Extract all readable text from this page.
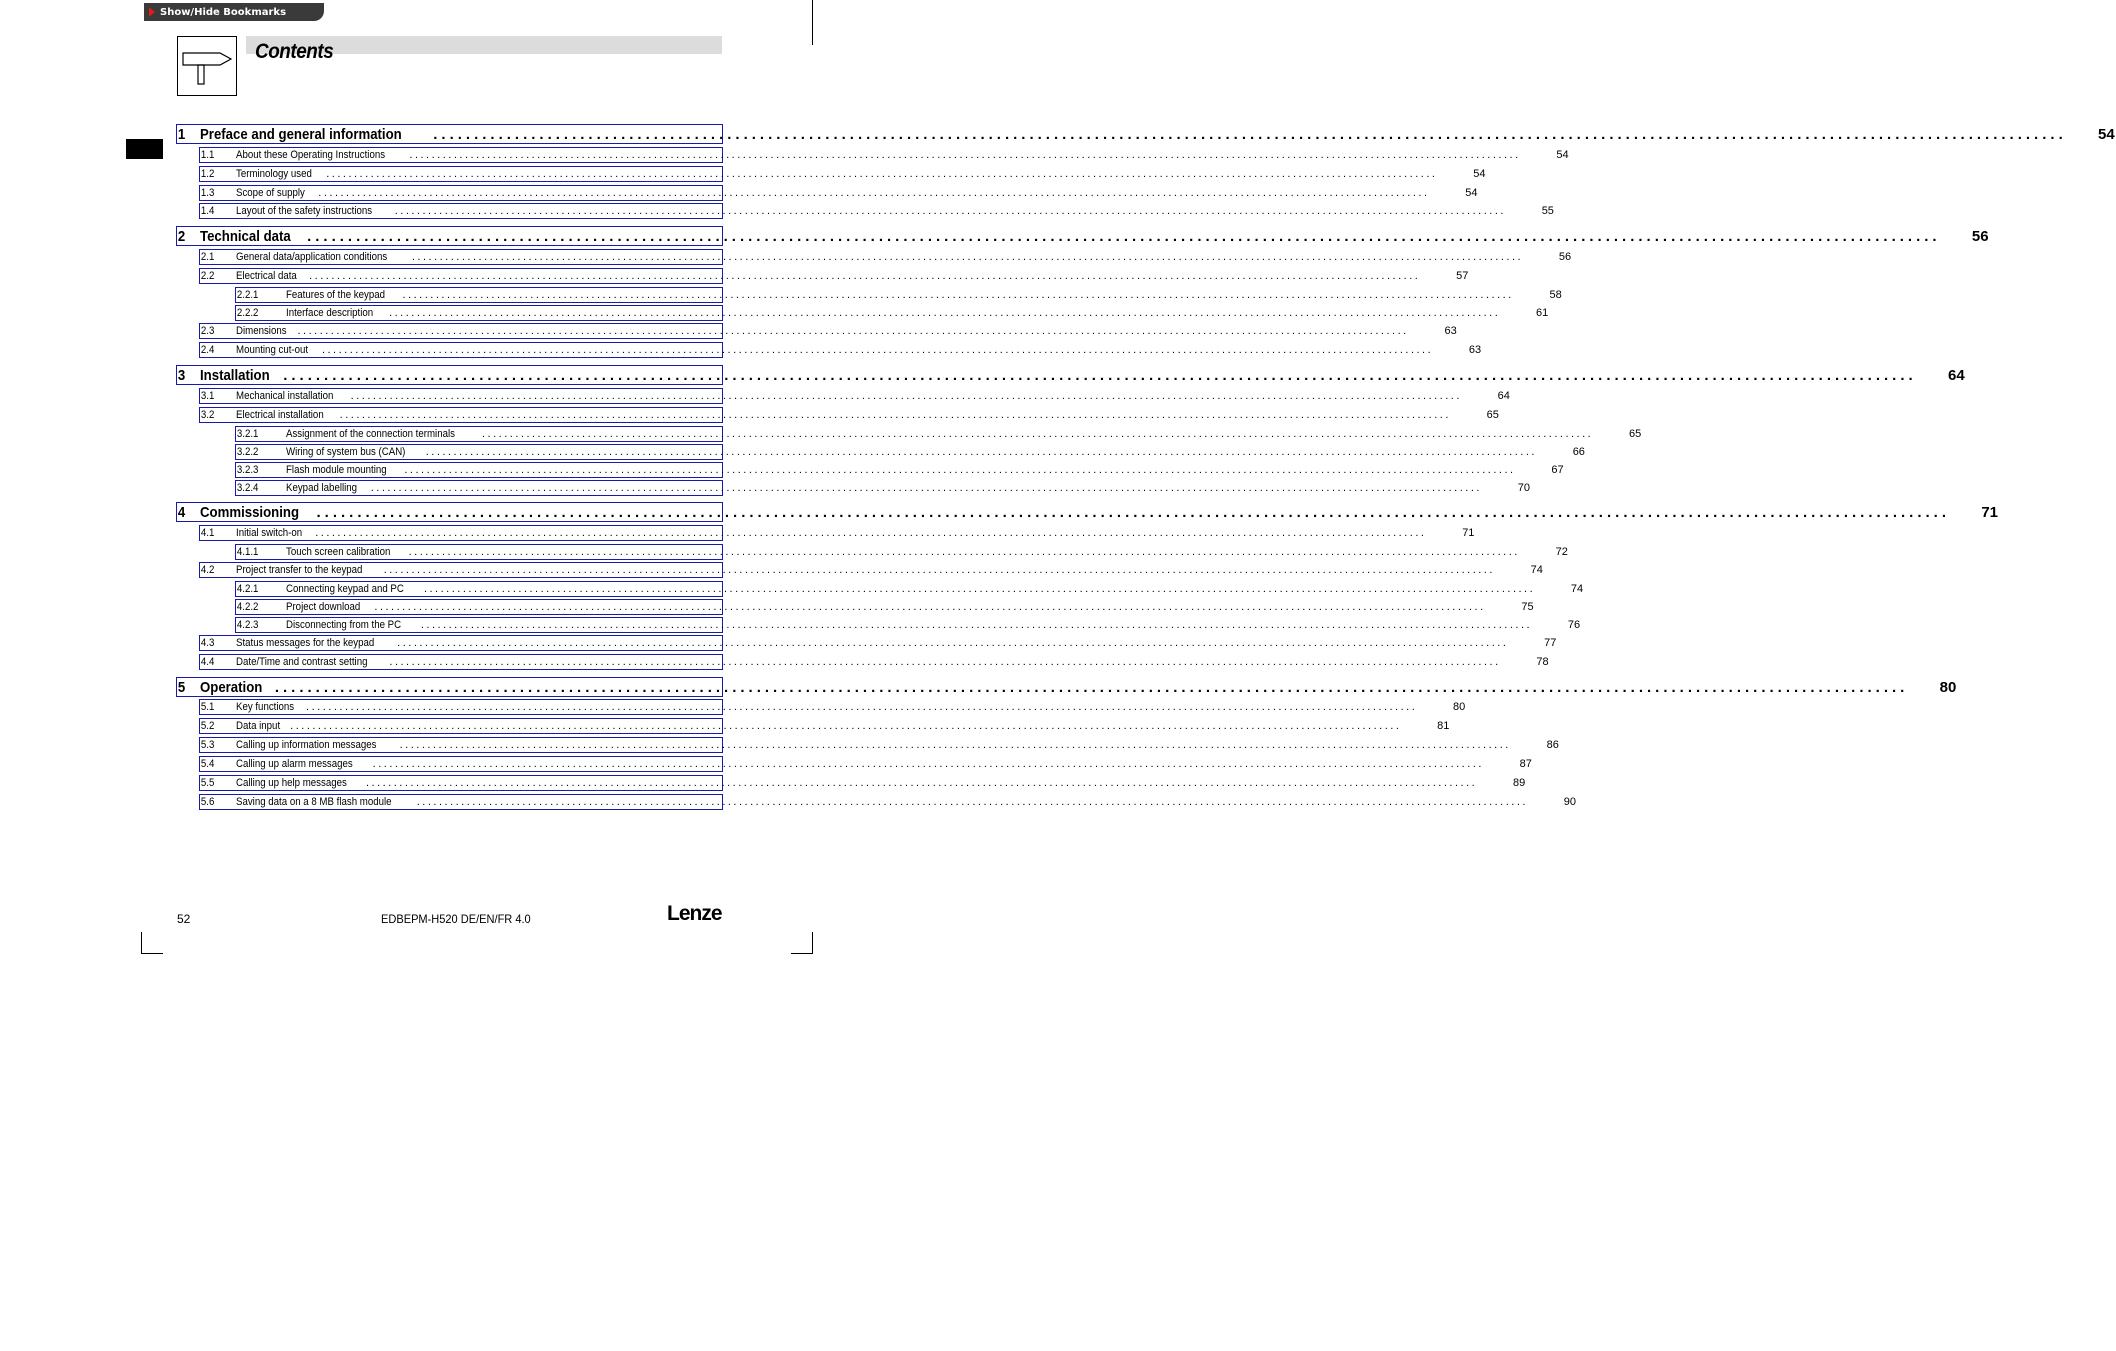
Show/Hide Bookmarks
Contents
1 Preface and general information ........................................................................................................................................................................................................	54
1.1	About these Operating Instructions	........................................................................................................................................................................................................	54
1.2	Terminology used	........................................................................................................................................................................................................	54
1.3	Scope of supply	........................................................................................................................................................................................................	54
1.4	Layout of the safety instructions	........................................................................................................................................................................................................	55
2 Technical data ........................................................................................................................................................................................................	56
2.1	General data/application conditions	........................................................................................................................................................................................................	56
2.2	Electrical data	........................................................................................................................................................................................................	57
2.2.1	Features of the keypad	........................................................................................................................................................................................................	58
2.2.2	Interface description	........................................................................................................................................................................................................	61
2.3	Dimensions ........................................................................................................................................................................................................	63
2.4	Mounting cut-out	........................................................................................................................................................................................................	63
3 Installation ........................................................................................................................................................................................................	64
3.1	Mechanical installation	........................................................................................................................................................................................................	64
3.2	Electrical installation	........................................................................................................................................................................................................	65
3.2.1	Assignment of the connection terminals	........................................................................................................................................................................................................	65
3.2.2	Wiring of system bus (CAN)	........................................................................................................................................................................................................	66
3.2.3	Flash module mounting	........................................................................................................................................................................................................	67
3.2.4	Keypad labelling	........................................................................................................................................................................................................	70
4 Commissioning ........................................................................................................................................................................................................	71
4.1	Initial switch-on	........................................................................................................................................................................................................	71
4.1.1	Touch screen calibration	........................................................................................................................................................................................................	72
4.2	Project transfer to the keypad	........................................................................................................................................................................................................	74
4.2.1	Connecting keypad and PC	........................................................................................................................................................................................................	74
4.2.2	Project download	........................................................................................................................................................................................................	75
4.2.3	Disconnecting from the PC	........................................................................................................................................................................................................	76
4.3	Status messages for the keypad	........................................................................................................................................................................................................	77
4.4	Date/Time and contrast setting	........................................................................................................................................................................................................	78
5 Operation ........................................................................................................................................................................................................	80
5.1	Key functions	........................................................................................................................................................................................................	80
5.2	Data input ........................................................................................................................................................................................................	81
5.3	Calling up information messages	........................................................................................................................................................................................................	86
5.4	Calling up alarm messages	........................................................................................................................................................................................................	87
5.5	Calling up help messages	........................................................................................................................................................................................................	89
5.6	Saving data on a 8 MB flash module	........................................................................................................................................................................................................	90
52	EDBEPM-H520 DE/EN/FR 4.0	Lenze
